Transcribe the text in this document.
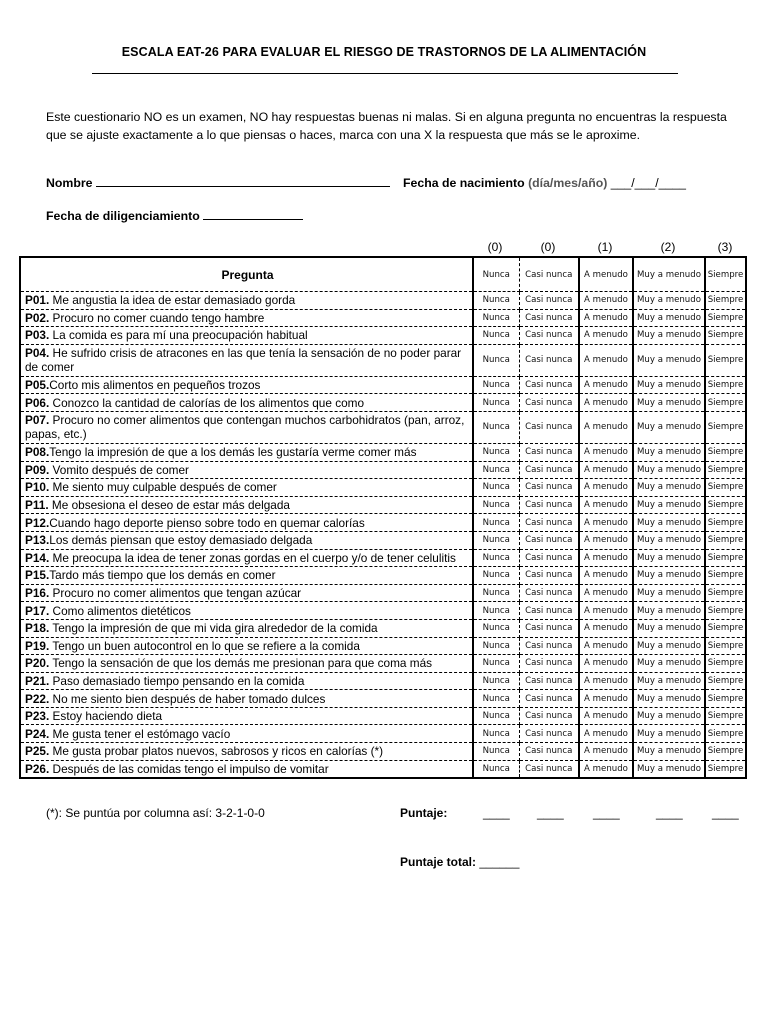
ESCALA EAT-26 PARA EVALUAR EL RIESGO DE TRASTORNOS DE LA ALIMENTACIÓN
Este cuestionario NO es un examen, NO hay respuestas buenas ni malas. Si en alguna pregunta no encuentras la respuesta que se ajuste exactamente a lo que piensas o haces, marca con una X la respuesta que más se le aproxime.
Nombre	Fecha de nacimiento (día/mes/año) ___/___/____
Fecha de diligenciamiento
(0)	(0)	(1)	(2)	(3)
Pregunta	Nunca	Casi nunca	A menudo	Muy a menudo	Siempre
P01. Me angustia la idea de estar demasiado gorda	Nunca	Casi nunca	A menudo	Muy a menudo	Siempre
P02. Procuro no comer cuando tengo hambre	Nunca	Casi nunca	A menudo	Muy a menudo	Siempre
P03. La comida es para mí una preocupación habitual	Nunca	Casi nunca	A menudo	Muy a menudo	Siempre
P04. He sufrido crisis de atracones en las que tenía la sensación de no poder parar de comer	Nunca	Casi nunca	A menudo	Muy a menudo	Siempre
P05.Corto mis alimentos en pequeños trozos	Nunca	Casi nunca	A menudo	Muy a menudo	Siempre
P06. Conozco la cantidad de calorías de los alimentos que como	Nunca	Casi nunca	A menudo	Muy a menudo	Siempre
P07. Procuro no comer alimentos que contengan muchos carbohidratos (pan, arroz, papas, etc.)	Nunca	Casi nunca	A menudo	Muy a menudo	Siempre
P08.Tengo la impresión de que a los demás les gustaría verme comer más	Nunca	Casi nunca	A menudo	Muy a menudo	Siempre
P09. Vomito después de comer	Nunca	Casi nunca	A menudo	Muy a menudo	Siempre
P10. Me siento muy culpable después de comer	Nunca	Casi nunca	A menudo	Muy a menudo	Siempre
P11. Me obsesiona el deseo de estar más delgada	Nunca	Casi nunca	A menudo	Muy a menudo	Siempre
P12.Cuando hago deporte pienso sobre todo en quemar calorías	Nunca	Casi nunca	A menudo	Muy a menudo	Siempre
P13.Los demás piensan que estoy demasiado delgada	Nunca	Casi nunca	A menudo	Muy a menudo	Siempre
P14. Me preocupa la idea de tener zonas gordas en el cuerpo y/o de tener celulitis	Nunca	Casi nunca	A menudo	Muy a menudo	Siempre
P15.Tardo más tiempo que los demás en comer	Nunca	Casi nunca	A menudo	Muy a menudo	Siempre
P16. Procuro no comer alimentos que tengan azúcar	Nunca	Casi nunca	A menudo	Muy a menudo	Siempre
P17. Como alimentos dietéticos	Nunca	Casi nunca	A menudo	Muy a menudo	Siempre
P18. Tengo la impresión de que mi vida gira alrededor de la comida	Nunca	Casi nunca	A menudo	Muy a menudo	Siempre
P19. Tengo un buen autocontrol en lo que se refiere a la comida	Nunca	Casi nunca	A menudo	Muy a menudo	Siempre
P20. Tengo la sensación de que los demás me presionan para que coma más	Nunca	Casi nunca	A menudo	Muy a menudo	Siempre
P21. Paso demasiado tiempo pensando en la comida	Nunca	Casi nunca	A menudo	Muy a menudo	Siempre
P22. No me siento bien después de haber tomado dulces	Nunca	Casi nunca	A menudo	Muy a menudo	Siempre
P23. Estoy haciendo dieta	Nunca	Casi nunca	A menudo	Muy a menudo	Siempre
P24. Me gusta tener el estómago vacío	Nunca	Casi nunca	A menudo	Muy a menudo	Siempre
P25. Me gusta probar platos nuevos, sabrosos y ricos en calorías (*)	Nunca	Casi nunca	A menudo	Muy a menudo	Siempre
P26. Después de las comidas tengo el impulso de vomitar	Nunca	Casi nunca	A menudo	Muy a menudo	Siempre
(*): Se puntúa por columna así: 3-2-1-0-0	Puntaje:	____ ____ ____	____ ____
Puntaje total: ______
